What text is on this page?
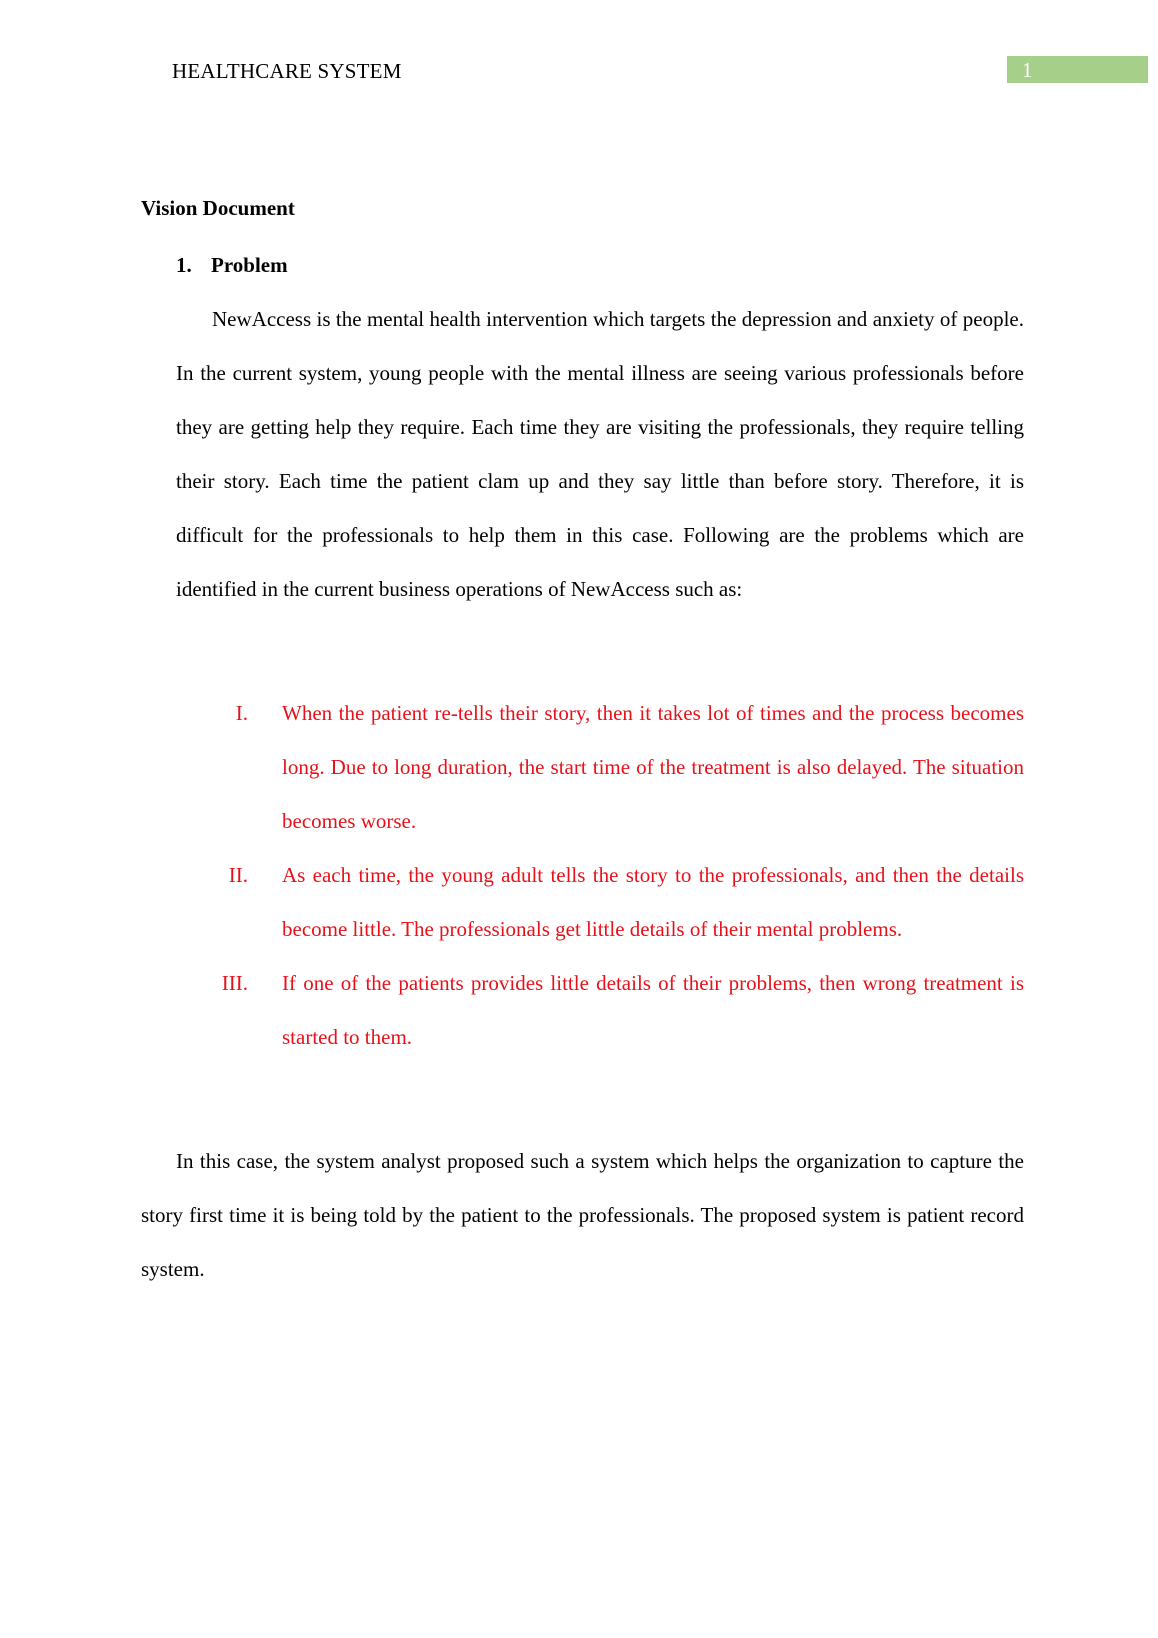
HEALTHCARE SYSTEM	1
Vision Document
1. Problem

NewAccess is the mental health intervention which targets the depression and anxiety of people. In the current system, young people with the mental illness are seeing various professionals before they are getting help they require. Each time they are visiting the professionals, they require telling their story. Each time the patient clam up and they say little than before story. Therefore, it is difficult for the professionals to help them in this case. Following are the problems which are identified in the current business operations of NewAccess such as:

I. When the patient re-tells their story, then it takes lot of times and the process becomes long. Due to long duration, the start time of the treatment is also delayed. The situation becomes worse.
II. As each time, the young adult tells the story to the professionals, and then the details become little. The professionals get little details of their mental problems.
III. If one of the patients provides little details of their problems, then wrong treatment is started to them.

In this case, the system analyst proposed such a system which helps the organization to capture the story first time it is being told by the patient to the professionals. The proposed system is patient record system.
